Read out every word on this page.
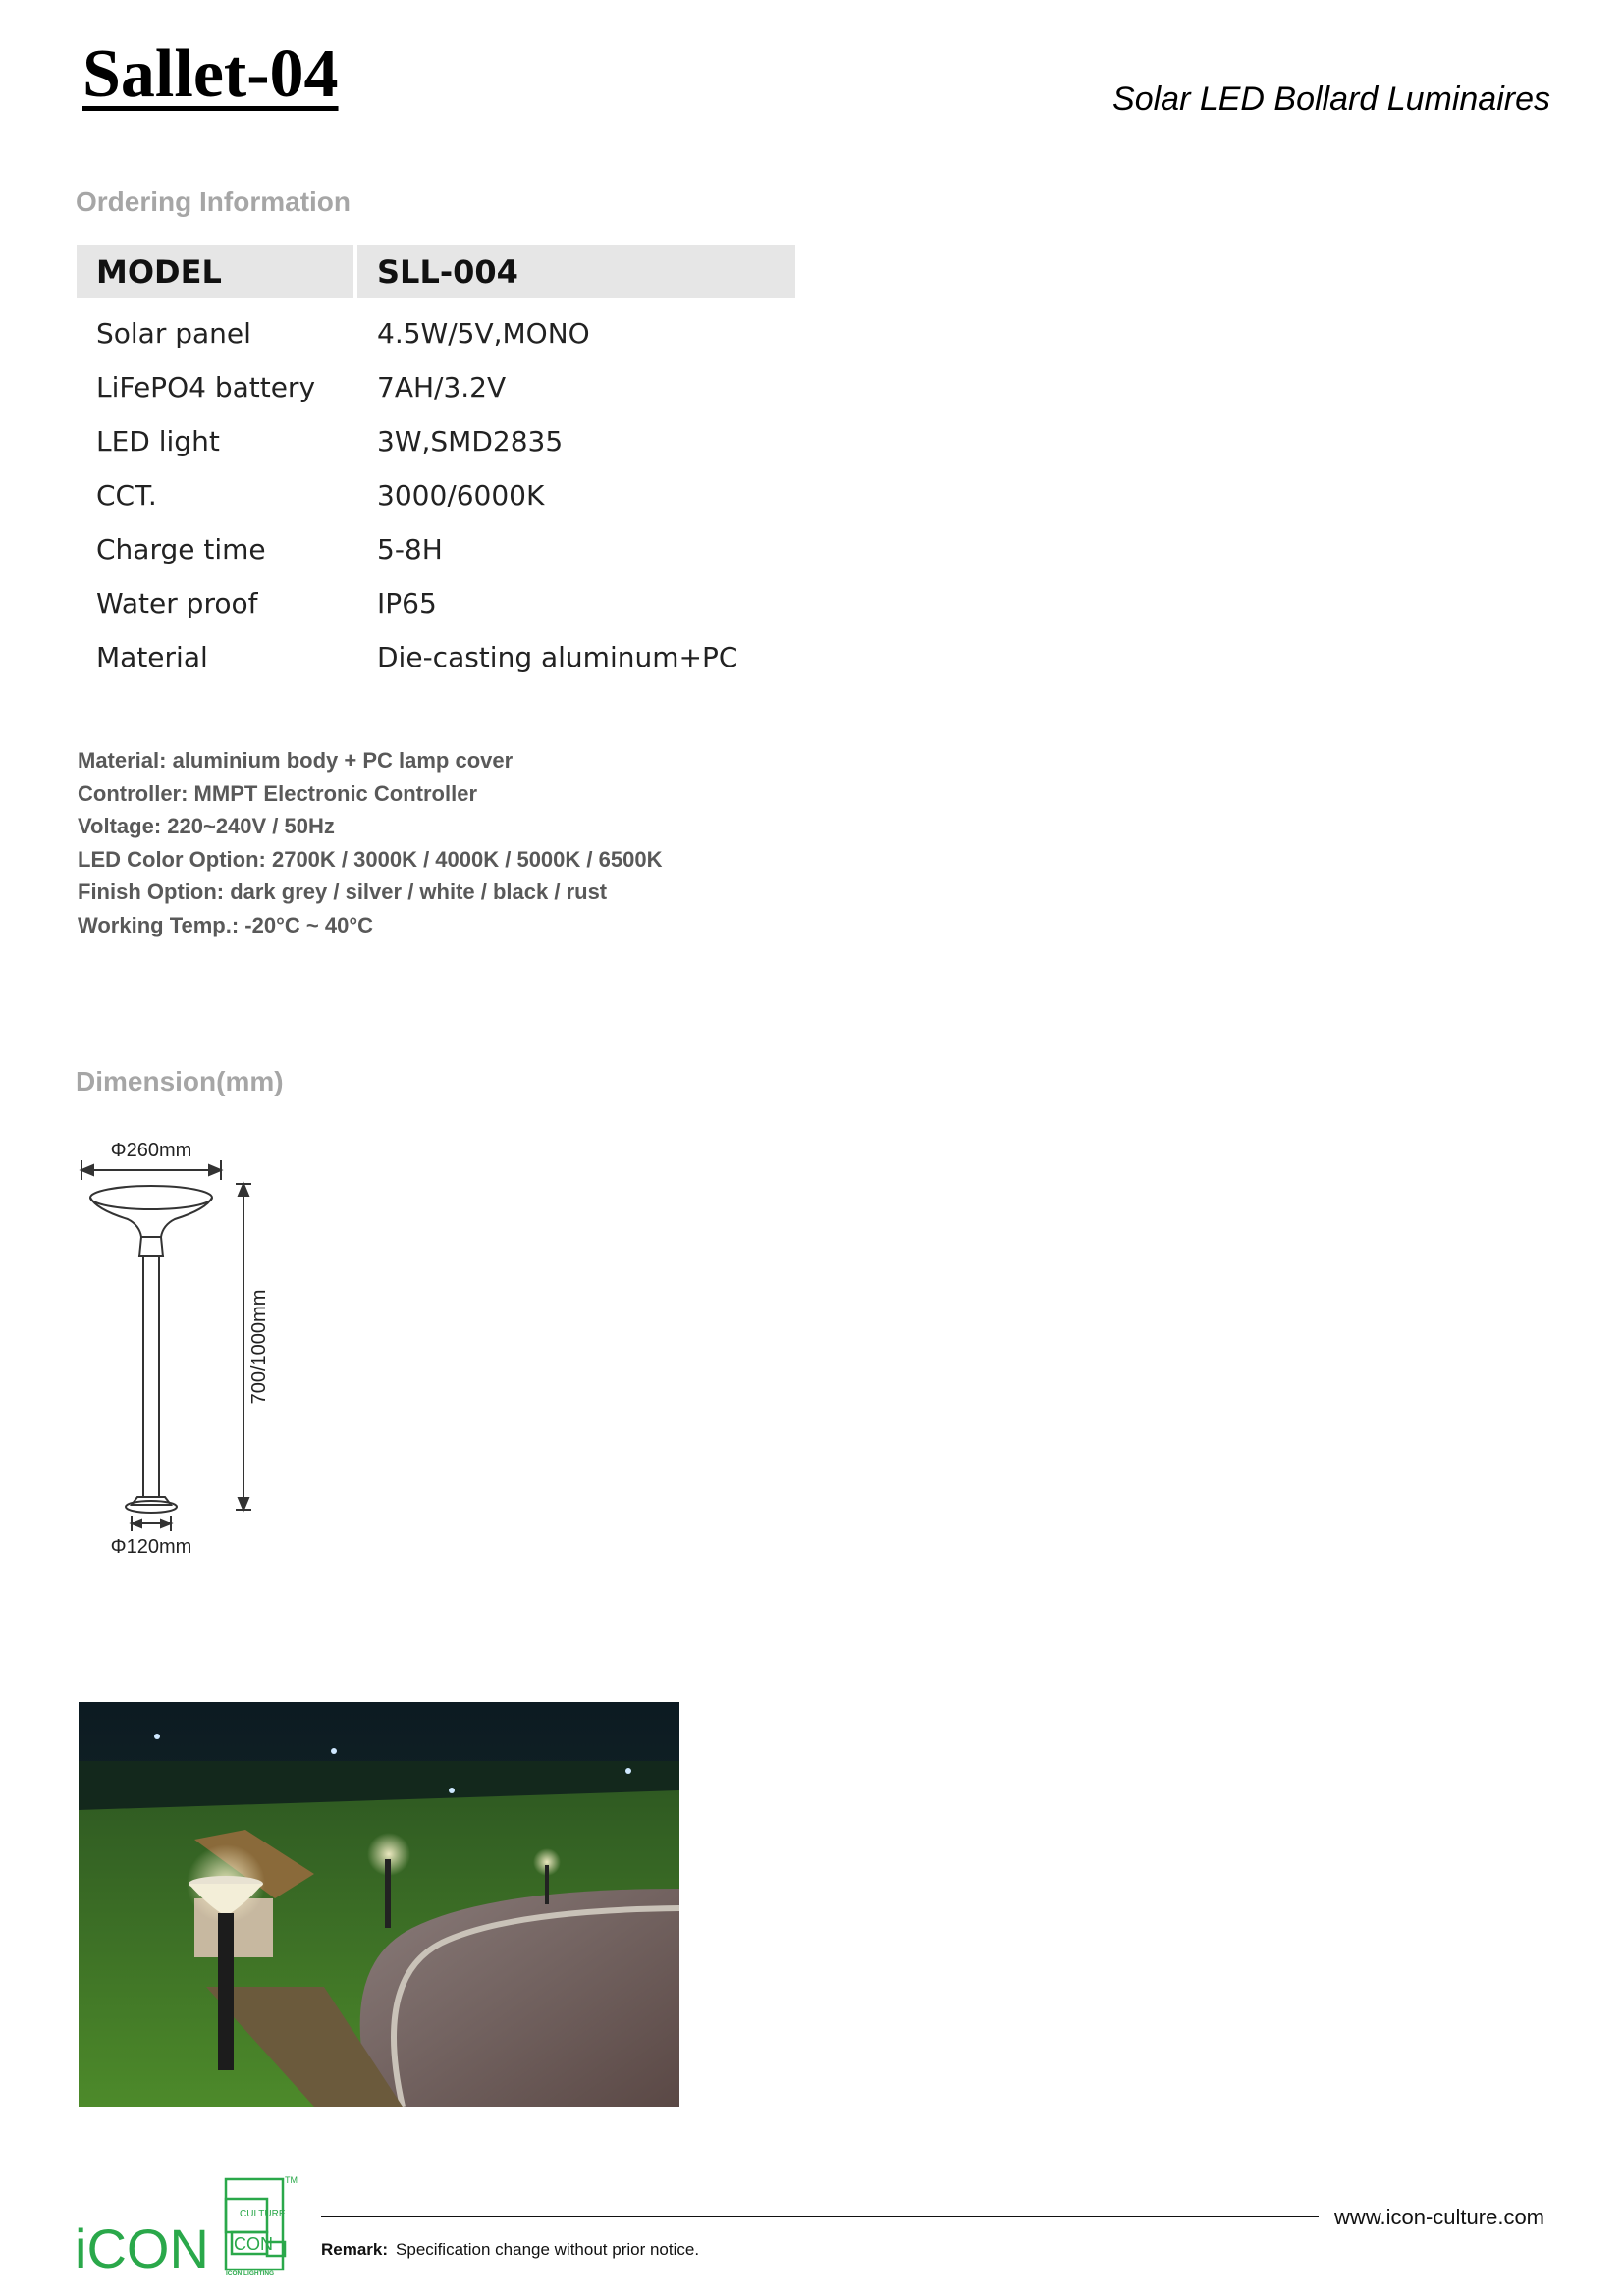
Sallet-04	Solar LED Bollard Luminaires

Ordering Information
MODEL	SLL-004
Solar panel	4.5W/5V,MONO
LiFePO4 battery	7AH/3.2V
LED light	3W,SMD2835
CCT.	3000/6000K
Charge time	5-8H
Water proof	IP65
Material	Die-casting aluminum+PC
Material: aluminium body + PC lamp cover
Controller: MMPT Electronic Controller
Voltage: 220~240V / 50Hz
LED Color Option: 2700K / 3000K / 4000K / 5000K / 6500K
Finish Option: dark grey / silver / white / black / rust
Working Temp.: -20°C ~ 40°C
Dimension(mm)
Φ260mm
700/1000mm
Φ120mm
iCON
TM
CULTURE
CON
ICON LIGHTING
www.icon-culture.com
Remark: Specification change without prior notice.
